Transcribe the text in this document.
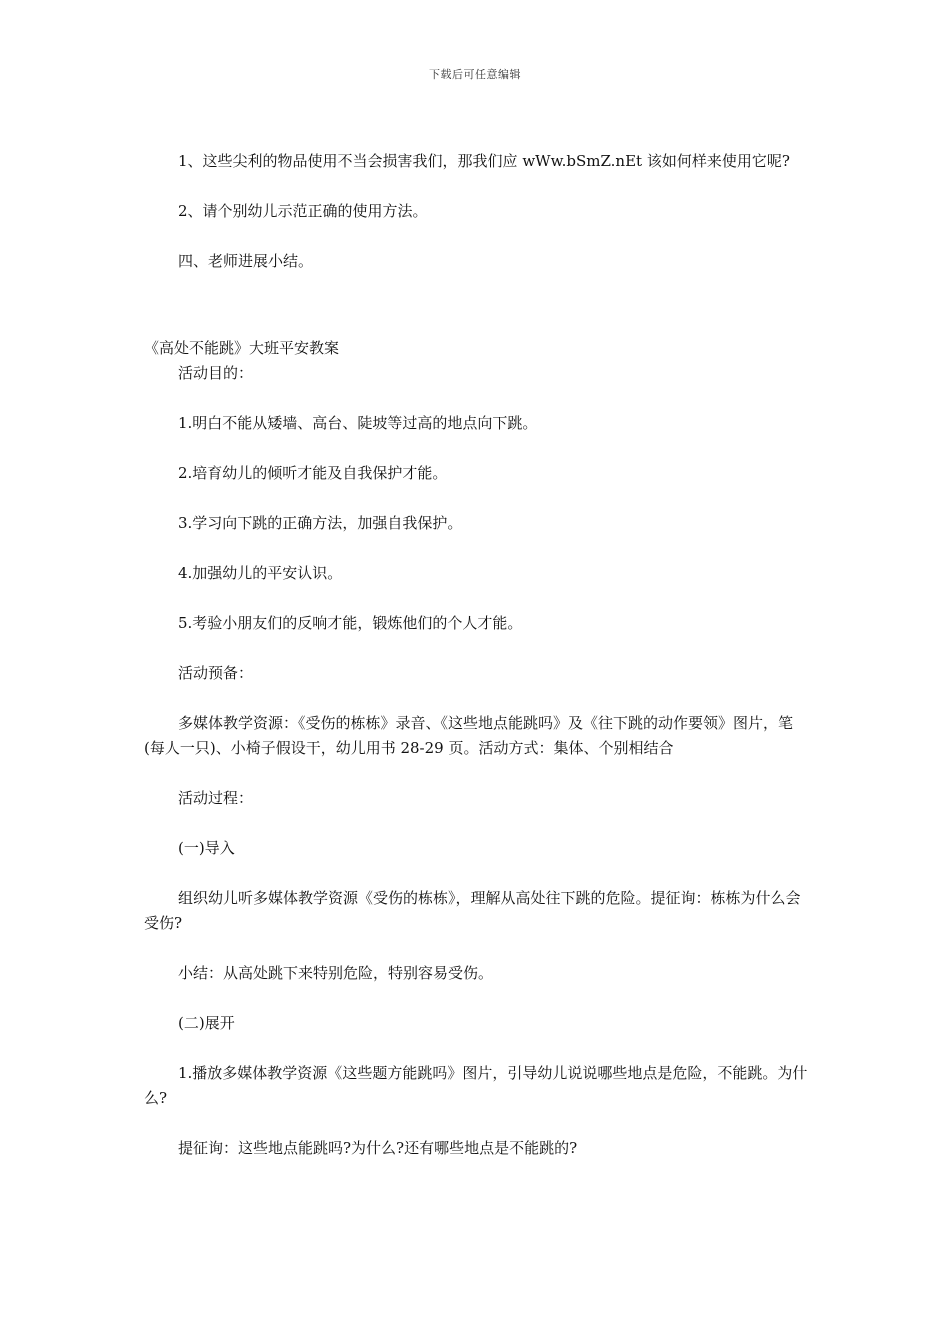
下载后可任意编辑

1、这些尖利的物品使用不当会损害我们，那我们应 wWw.bSmZ.nEt 该如何样来使用它呢?

2、请个别幼儿示范正确的使用方法。

四、老师进展小结。

《高处不能跳》大班平安教案

活动目的：

1.明白不能从矮墙、高台、陡坡等过高的地点向下跳。

2.培育幼儿的倾听才能及自我保护才能。

3.学习向下跳的正确方法，加强自我保护。

4.加强幼儿的平安认识。

5.考验小朋友们的反响才能，锻炼他们的个人才能。

活动预备：

多媒体教学资源：《受伤的栋栋》录音、《这些地点能跳吗》及《往下跳的动作要领》图片，笔(每人一只)、小椅子假设干，幼儿用书 28-29 页。活动方式：集体、个别相结合

活动过程：

(一)导入

组织幼儿听多媒体教学资源《受伤的栋栋》，理解从高处往下跳的危险。提征询：栋栋为什么会受伤?

小结：从高处跳下来特别危险，特别容易受伤。

(二)展开

1.播放多媒体教学资源《这些题方能跳吗》图片，引导幼儿说说哪些地点是危险，不能跳。为什么?

提征询：这些地点能跳吗?为什么?还有哪些地点是不能跳的?
